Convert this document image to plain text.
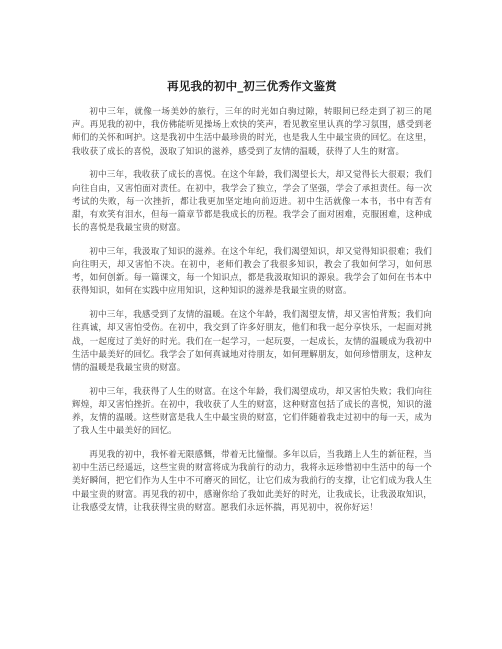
再见我的初中_初三优秀作文鉴赏

初中三年，就像一场美妙的旅行，三年的时光如白驹过隙，转眼间已经走到了初三的尾声。再见我的初中，我仿佛能听见操场上欢快的笑声，看见教室里认真的学习氛围，感受到老师们的关怀和呵护。这是我初中生活中最珍贵的时光，也是我人生中最宝贵的回忆。在这里，我收获了成长的喜悦，汲取了知识的滋养，感受到了友情的温暖，获得了人生的财富。

初中三年，我收获了成长的喜悦。在这个年龄，我们渴望长大，却又觉得长大很艰；我们向往自由，又害怕面对责任。在初中，我学会了独立，学会了坚强，学会了承担责任。每一次考试的失败，每一次挫折，都让我更加坚定地向前迈进。初中生活就像一本书，书中有苦有甜，有欢笑有泪水，但每一篇章节都是我成长的历程。我学会了面对困难，克服困难，这种成长的喜悦是我最宝贵的财富。

初中三年，我汲取了知识的滋养。在这个年纪，我们渴望知识，却又觉得知识很难；我们向往明天，却又害怕不决。在初中，老师们教会了我很多知识，教会了我如何学习，如何思考，如何创新。每一篇课文，每一个知识点，都是我汲取知识的源泉。我学会了如何在书本中获得知识，如何在实践中应用知识，这种知识的滋养是我最宝贵的财富。

初中三年，我感受到了友情的温暖。在这个年龄，我们渴望友情，却又害怕背叛；我们向往真诚，却又害怕受伤。在初中，我交到了许多好朋友，他们和我一起分享快乐，一起面对挑战，一起度过了美好的时光。我们在一起学习，一起玩耍，一起成长，友情的温暖成为我初中生活中最美好的回忆。我学会了如何真诚地对待朋友，如何理解朋友，如何珍惜朋友，这种友情的温暖是我最宝贵的财富。

初中三年，我获得了人生的财富。在这个年龄，我们渴望成功，却又害怕失败；我们向往辉煌，却又害怕挫折。在初中，我收获了人生的财富，这种财富包括了成长的喜悦，知识的滋养，友情的温暖。这些财富是我人生中最宝贵的财富，它们伴随着我走过初中的每一天，成为了我人生中最美好的回忆。

再见我的初中，我怀着无限感慨，带着无比憧憬。多年以后，当我踏上人生的新征程，当初中生活已经遥远，这些宝贵的财富将成为我前行的动力，我将永远珍惜初中生活中的每一个美好瞬间，把它们作为人生中不可磨灭的回忆，让它们成为我前行的支撑，让它们成为我人生中最宝贵的财富。再见我的初中，感谢你给了我如此美好的时光，让我成长，让我汲取知识，让我感受友情，让我获得宝贵的财富。愿我们永远怀揣，再见初中，祝你好运！
